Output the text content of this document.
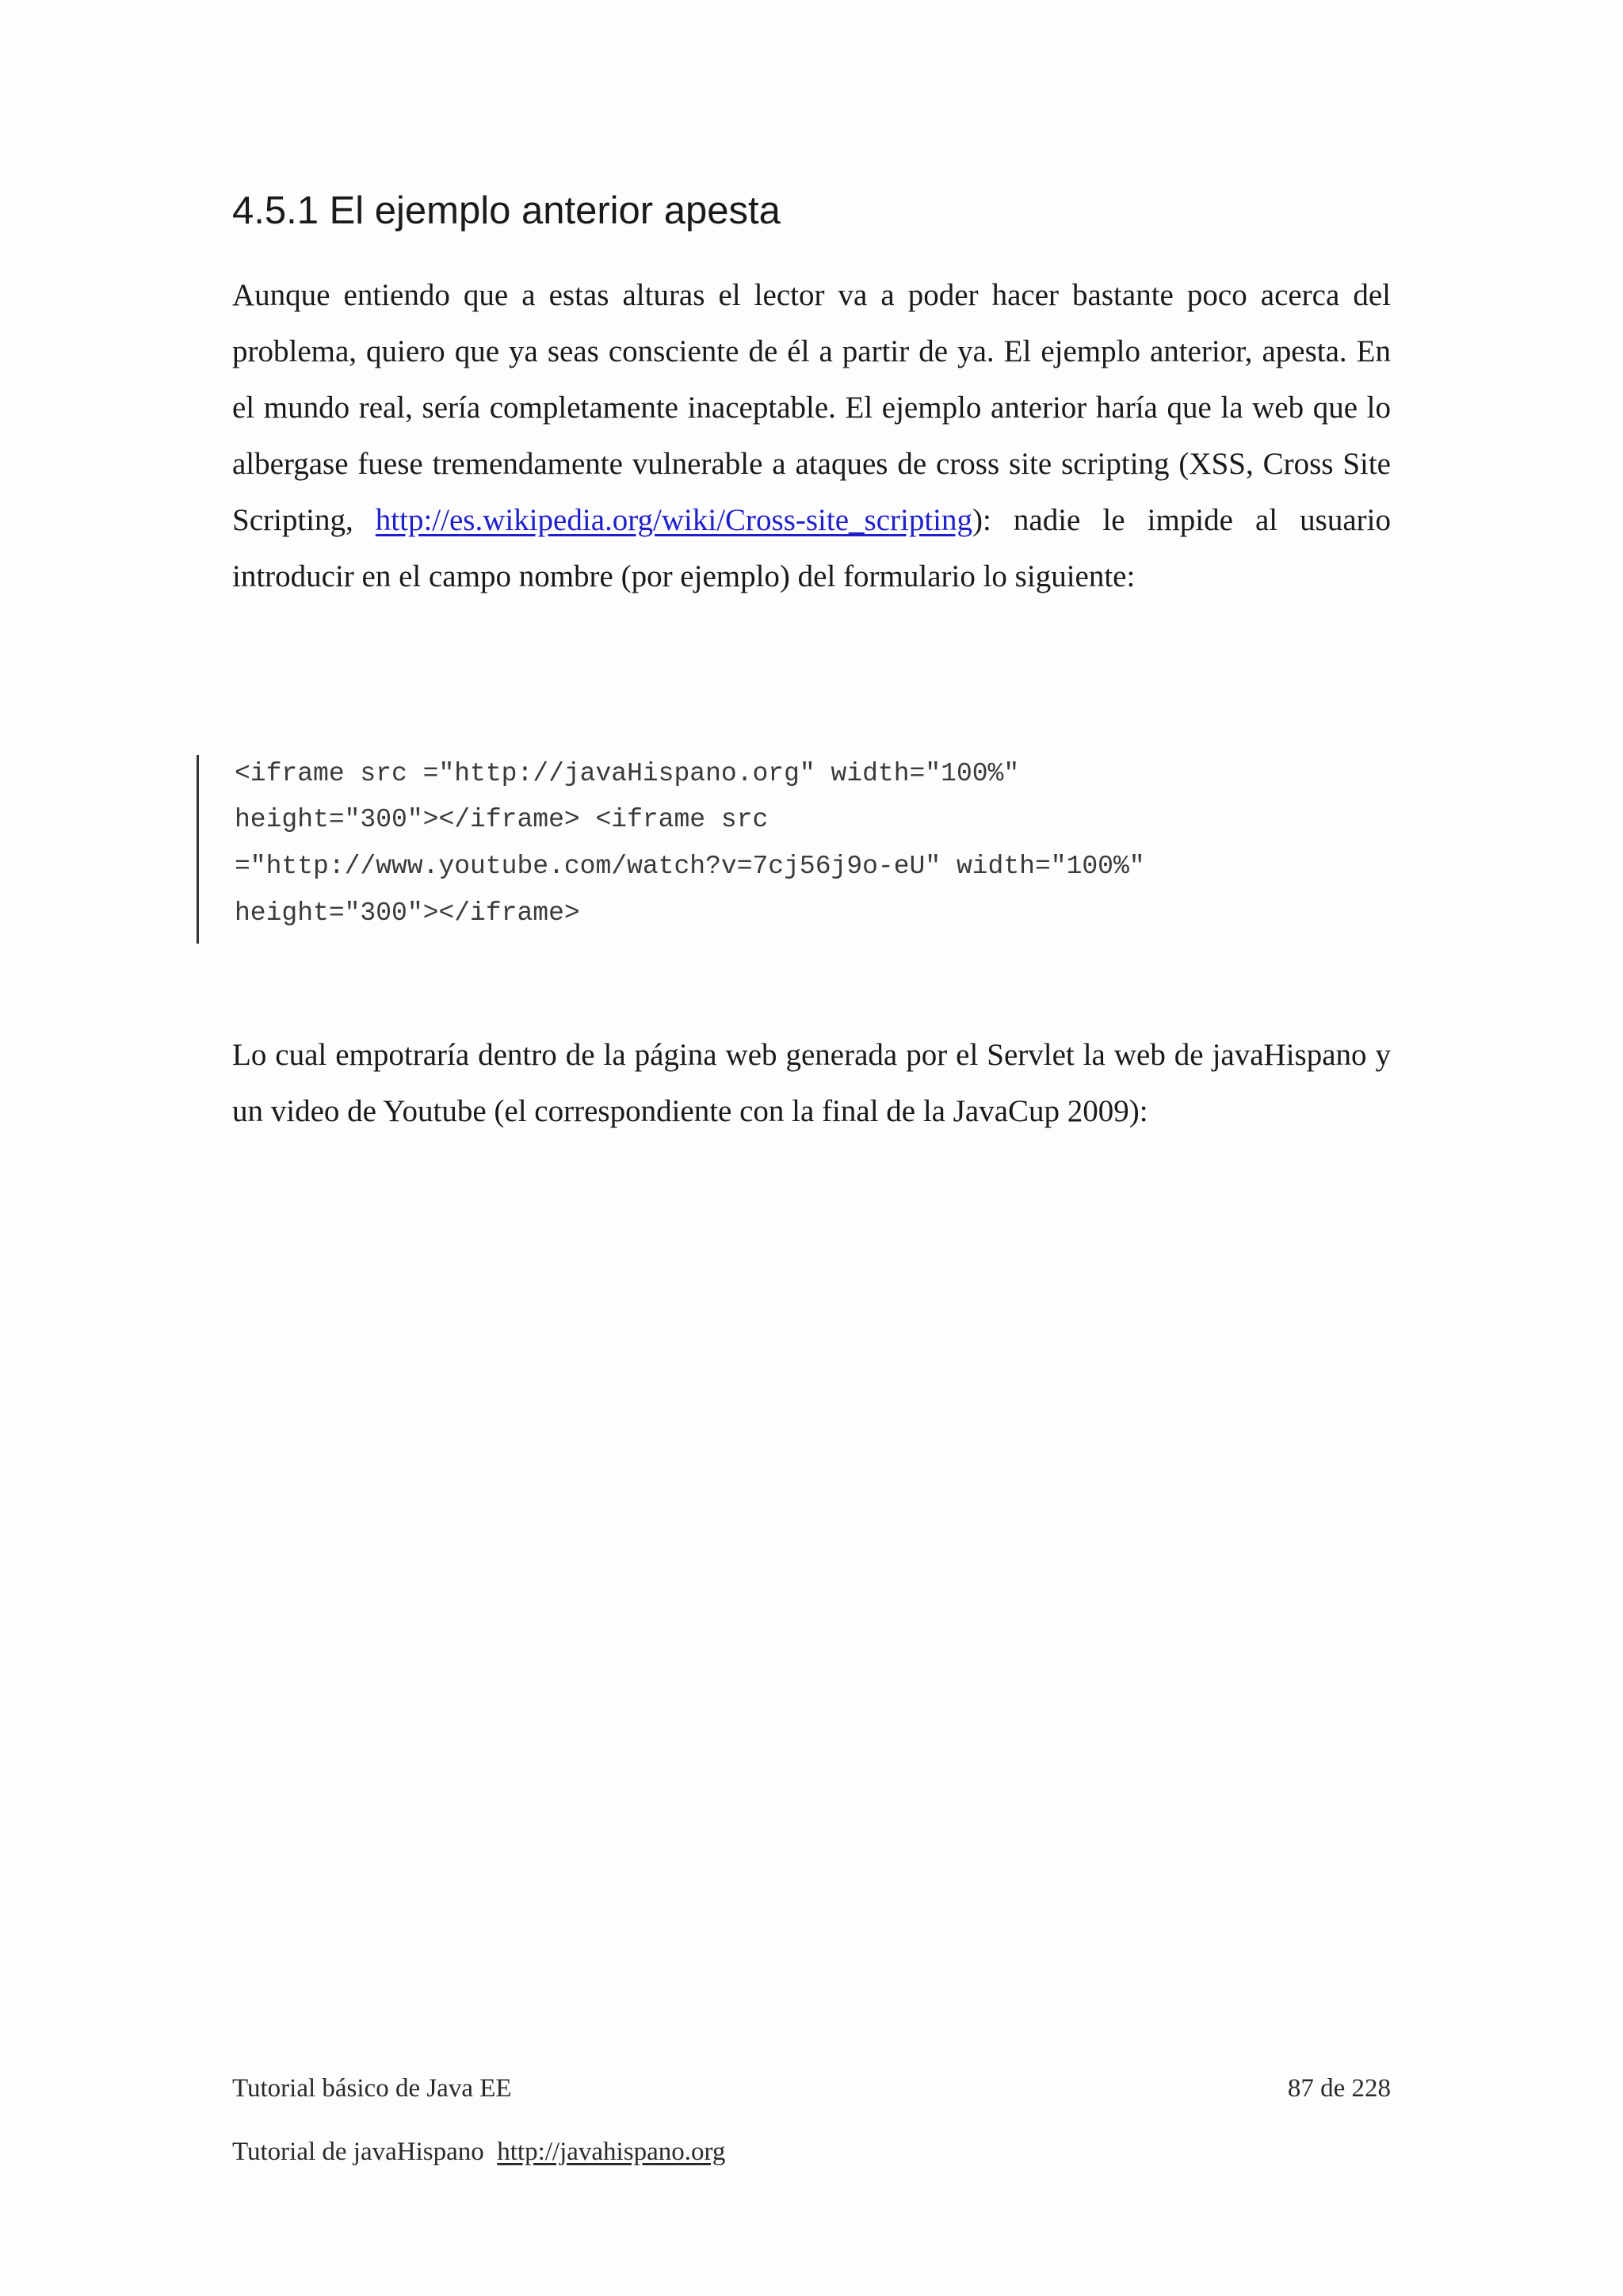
4.5.1 El ejemplo anterior apesta

Aunque entiendo que a estas alturas el lector va a poder hacer bastante poco acerca del problema, quiero que ya seas consciente de él a partir de ya. El ejemplo anterior, apesta. En el mundo real, sería completamente inaceptable. El ejemplo anterior haría que la web que lo albergase fuese tremendamente vulnerable a ataques de cross site scripting (XSS, Cross Site Scripting, http://es.wikipedia.org/wiki/Cross-site_scripting): nadie le impide al usuario introducir en el campo nombre (por ejemplo) del formulario lo siguiente:

<iframe src ="http://javaHispano.org" width="100%"
height="300"></iframe> <iframe src
="http://www.youtube.com/watch?v=7cj56j9o-eU" width="100%"
height="300"></iframe>

Lo cual empotraría dentro de la página web generada por el Servlet la web de javaHispano y un video de Youtube (el correspondiente con la final de la JavaCup 2009):

Tutorial básico de Java EE	87 de 228
Tutorial de javaHispano  http://javahispano.org
